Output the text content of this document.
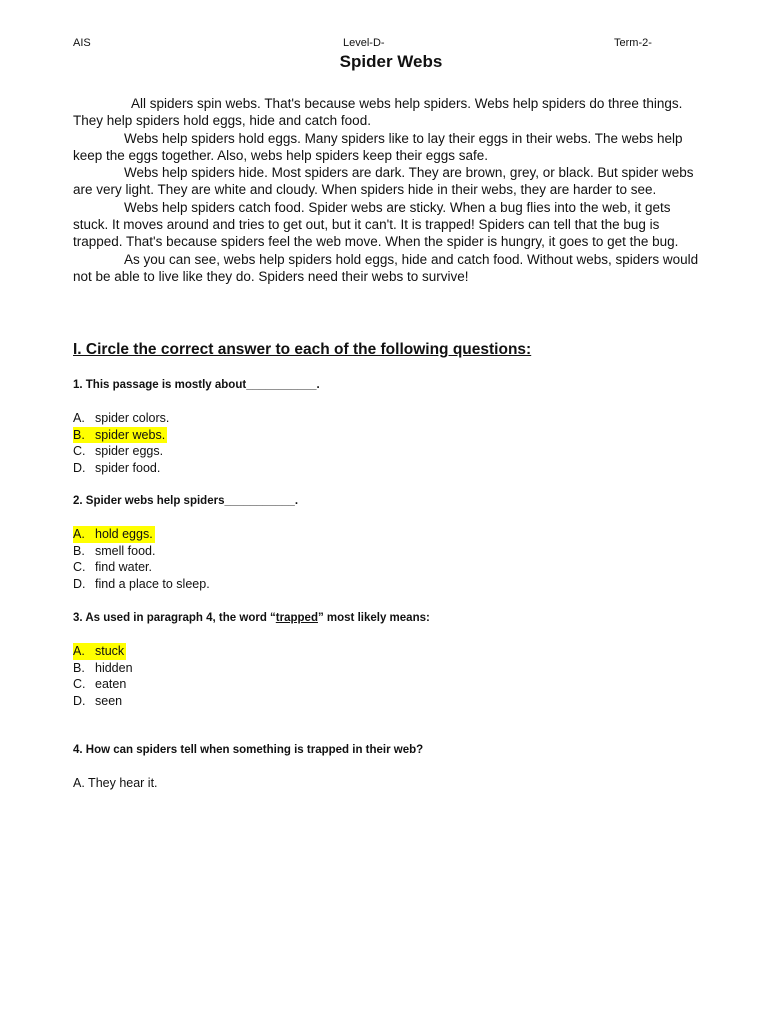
AIS	Level-D-	Term-2-
Spider Webs

All spiders spin webs. That's because webs help spiders. Webs help spiders do three things. They help spiders hold eggs, hide and catch food.

Webs help spiders hold eggs. Many spiders like to lay their eggs in their webs. The webs help keep the eggs together. Also, webs help spiders keep their eggs safe.

Webs help spiders hide. Most spiders are dark. They are brown, grey, or black. But spider webs are very light. They are white and cloudy. When spiders hide in their webs, they are harder to see.

Webs help spiders catch food. Spider webs are sticky. When a bug flies into the web, it gets stuck. It moves around and tries to get out, but it can't. It is trapped! Spiders can tell that the bug is trapped. That's because spiders feel the web move. When the spider is hungry, it goes to get the bug.

As you can see, webs help spiders hold eggs, hide and catch food. Without webs, spiders would not be able to live like they do. Spiders need their webs to survive!

I. Circle the correct answer to each of the following questions:
1. This passage is mostly about___________.
A. spider colors.
B. spider webs.
C. spider eggs.
D. spider food.
2. Spider webs help spiders___________.
A. hold eggs.
B. smell food.
C. find water.
D. find a place to sleep.
3. As used in paragraph 4, the word “trapped” most likely means:
A. stuck
B. hidden
C. eaten
D. seen
4. How can spiders tell when something is trapped in their web?
A. They hear it.
